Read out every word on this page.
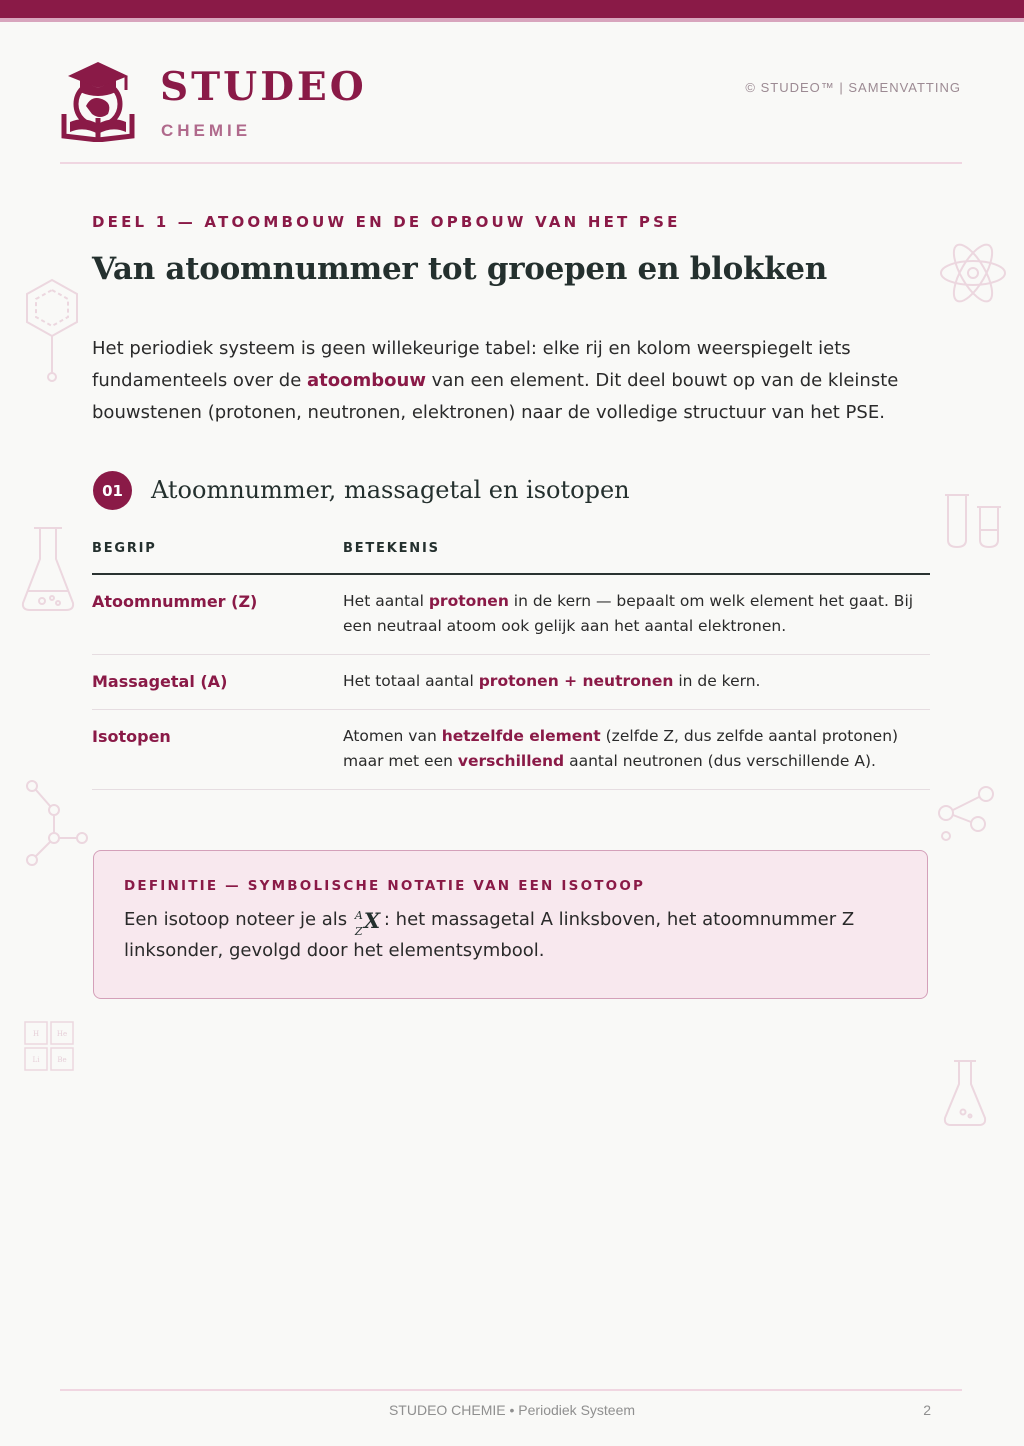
STUDEO
CHEMIE
© STUDEO™ | SAMENVATTING
H	He
Li	Be
DEEL 1 — ATOOMBOUW EN DE OPBOUW VAN HET PSE
Van atoomnummer tot groepen en blokken

Het periodiek systeem is geen willekeurige tabel: elke rij en kolom weerspiegelt iets fundamenteels over de atoombouw van een element. Dit deel bouwt op van de kleinste bouwstenen (protonen, neutronen, elektronen) naar de volledige structuur van het PSE.

01	Atoomnummer, massagetal en isotopen
BEGRIP	BETEKENIS
Atoomnummer (Z)	Het aantal protonen in de kern — bepaalt om welk element het gaat. Bij een neutraal atoom ook gelijk aan het aantal elektronen.
Massagetal (A)	Het totaal aantal protonen + neutronen in de kern.
Isotopen	Atomen van hetzelfde element (zelfde Z, dus zelfde aantal protonen) maar met een verschillend aantal neutronen (dus verschillende A).
DEFINITIE — SYMBOLISCHE NOTATIE VAN EEN ISOTOOP
Een isotoop noteer je als A
Z X : het massagetal A linksboven, het atoomnummer Z linksonder, gevolgd door het elementsymbool.
STUDEO CHEMIE • Periodiek Systeem	2
